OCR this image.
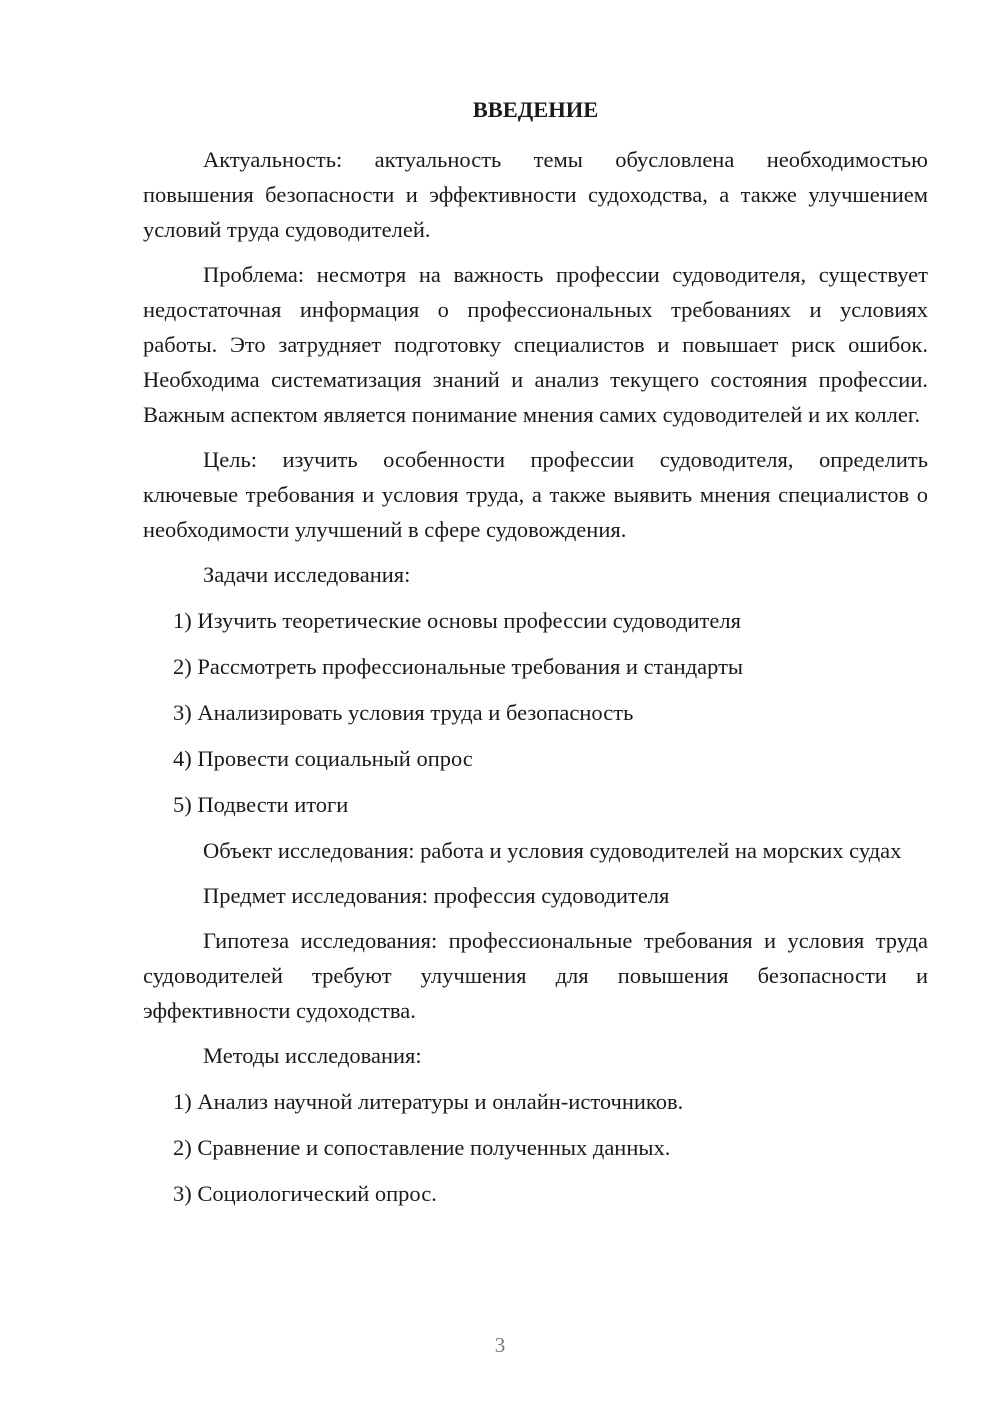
ВВЕДЕНИЕ

Актуальность: актуальность темы обусловлена необходимостью повышения безопасности и эффективности судоходства, а также улучшением условий труда судоводителей.

Проблема: несмотря на важность профессии судоводителя, существует недостаточная информация о профессиональных требованиях и условиях работы. Это затрудняет подготовку специалистов и повышает риск ошибок. Необходима систематизация знаний и анализ текущего состояния профессии. Важным аспектом является понимание мнения самих судоводителей и их коллег.

Цель: изучить особенности профессии судоводителя, определить ключевые требования и условия труда, а также выявить мнения специалистов о необходимости улучшений в сфере судовождения.

Задачи исследования:
1) Изучить теоретические основы профессии судоводителя
2) Рассмотреть профессиональные требования и стандарты
3) Анализировать условия труда и безопасность
4) Провести социальный опрос
5) Подвести итоги

Объект исследования: работа и условия судоводителей на морских судах

Предмет исследования: профессия судоводителя

Гипотеза исследования: профессиональные требования и условия труда судоводителей требуют улучшения для повышения безопасности и эффективности судоходства.

Методы исследования:
1) Анализ научной литературы и онлайн-источников.
2) Сравнение и сопоставление полученных данных.
3) Социологический опрос.
3
